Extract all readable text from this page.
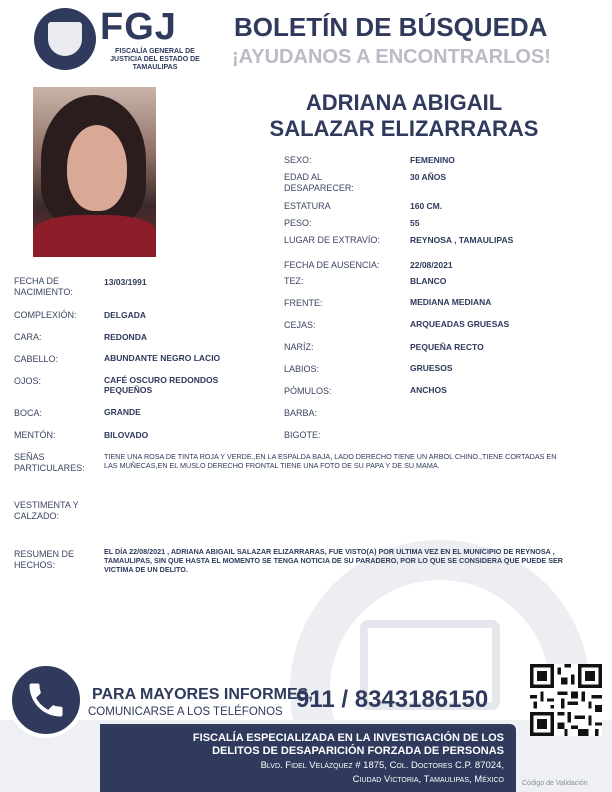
FGJ
FISCALÍA GENERAL DE JUSTICIA DEL ESTADO DE TAMAULIPAS
BOLETÍN DE BÚSQUEDA
¡AYUDANOS A ENCONTRARLOS!
ADRIANA ABIGAIL
SALAZAR ELIZARRARAS
SEXO:	FEMENINO
EDAD AL DESAPARECER:
30 AÑOS
ESTATURA	160 CM.
PESO:	55
LUGAR DE EXTRAVÍO:	REYNOSA , TAMAULIPAS
FECHA DE AUSENCIA:	22/08/2021
TEZ:	BLANCO
FRENTE:	MEDIANA MEDIANA
CEJAS:	ARQUEADAS GRUESAS
NARÍZ:	PEQUEÑA RECTO
LABIOS:	GRUESOS
PÓMULOS:	ANCHOS
BARBA:
BIGOTE:
FECHA DE NACIMIENTO:
13/03/1991
COMPLEXIÓN:	DELGADA
CARA:	REDONDA
CABELLO:	ABUNDANTE NEGRO LACIO
OJOS:	CAFÉ OSCURO REDONDOS PEQUEÑOS
BOCA:	GRANDE
MENTÓN:	BILOVADO
SEÑAS PARTICULARES:
TIENE UNA ROSA DE TINTA ROJA Y VERDE.,EN LA ESPALDA BAJA, LADO DERECHO TIENE UN ARBOL CHINO.,TIENE CORTADAS EN LAS MUÑECAS,EN EL MUSLO DERECHO FRONTAL TIENE UNA FOTO DE SU PAPA Y DE SU MAMA.
VESTIMENTA Y CALZADO:
RESUMEN DE HECHOS:
EL DÍA 22/08/2021 , ADRIANA ABIGAIL SALAZAR ELIZARRARAS, FUE VISTO(A) POR ULTIMA VEZ EN EL MUNICIPIO DE REYNOSA , TAMAULIPAS, SIN QUE HASTA EL MOMENTO SE TENGA NOTICIA DE SU PARADERO, POR LO QUE SE CONSIDERA QUE PUEDE SER VICTIMA DE UN DELITO.
PARA MAYORES INFORMES,
COMUNICARSE A LOS TELÉFONOS 911 / 8343186150
FISCALÍA ESPECIALIZADA EN LA INVESTIGACIÓN DE LOS
DELITOS DE DESAPARICIÓN FORZADA DE PERSONAS
Blvd. Fidel Velázquez # 1875, Col. Doctores C.P. 87024,
Ciudad Victoria, Tamaulipas, México	Código de Validación
